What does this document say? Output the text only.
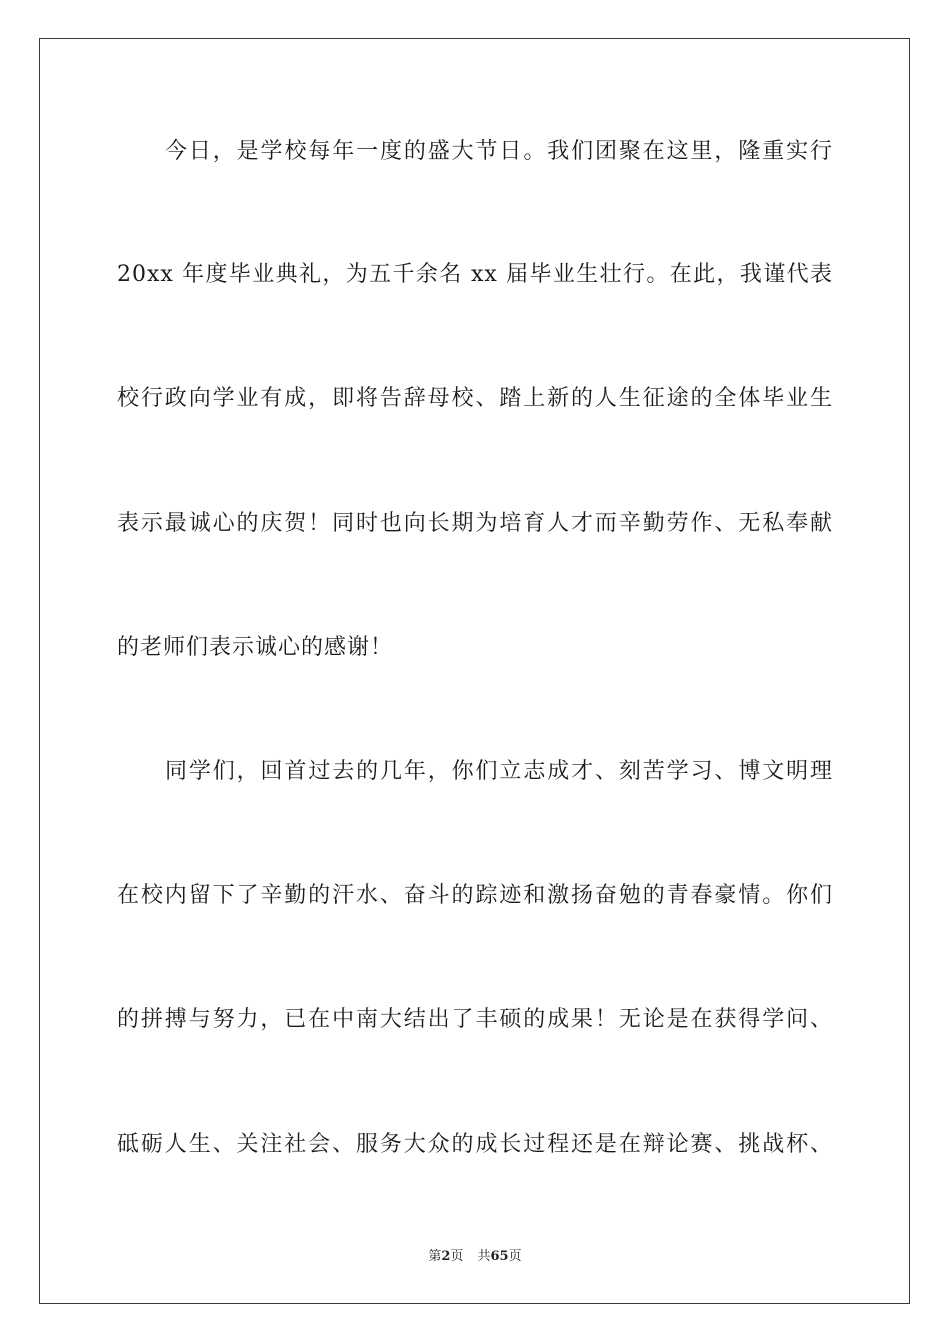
今日，是学校每年一度的盛大节日。我们团聚在这里，隆重实行
20xx 年度毕业典礼，为五千余名 xx 届毕业生壮行。在此，我谨代表
校行政向学业有成，即将告辞母校、踏上新的人生征途的全体毕业生
表示最诚心的庆贺！同时也向长期为培育人才而辛勤劳作、无私奉献
的老师们表示诚心的感谢！
同学们，回首过去的几年，你们立志成才、刻苦学习、博文明理
在校内留下了辛勤的汗水、奋斗的踪迹和激扬奋勉的青春豪情。你们
的拼搏与努力，已在中南大结出了丰硕的成果！无论是在获得学问、
砥砺人生、关注社会、服务大众的成长过程还是在辩论赛、挑战杯、
第2页 共65页
